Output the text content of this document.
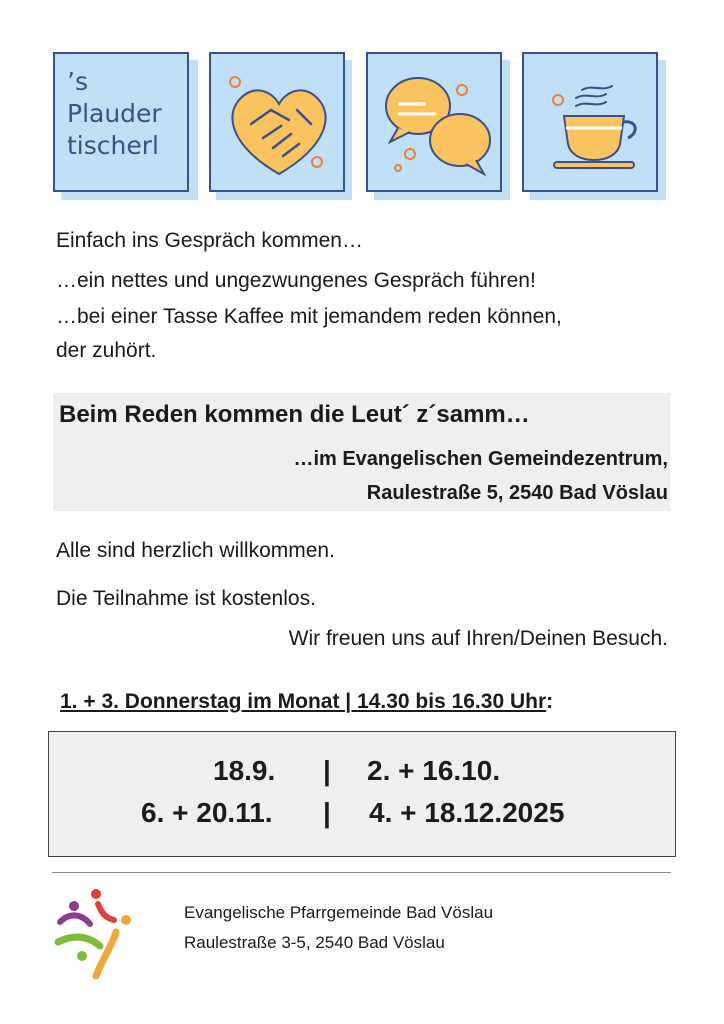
’s
Plauder
tischerl
Einfach ins Gespräch kommen…
…ein nettes und ungezwungenes Gespräch führen!
…bei einer Tasse Kaffee mit jemandem reden können,
der zuhört.
Beim Reden kommen die Leut´ z´samm…
…im Evangelischen Gemeindezentrum,
Raulestraße 5, 2540 Bad Vöslau
Alle sind herzlich willkommen.
Die Teilnahme ist kostenlos.
Wir freuen uns auf Ihren/Deinen Besuch.
1. + 3. Donnerstag im Monat | 14.30 bis 16.30 Uhr:
18.9. | 2. + 16.10.
6. + 20.11. | 4. + 18.12.2025
Evangelische Pfarrgemeinde Bad Vöslau
Raulestraße 3-5, 2540 Bad Vöslau
